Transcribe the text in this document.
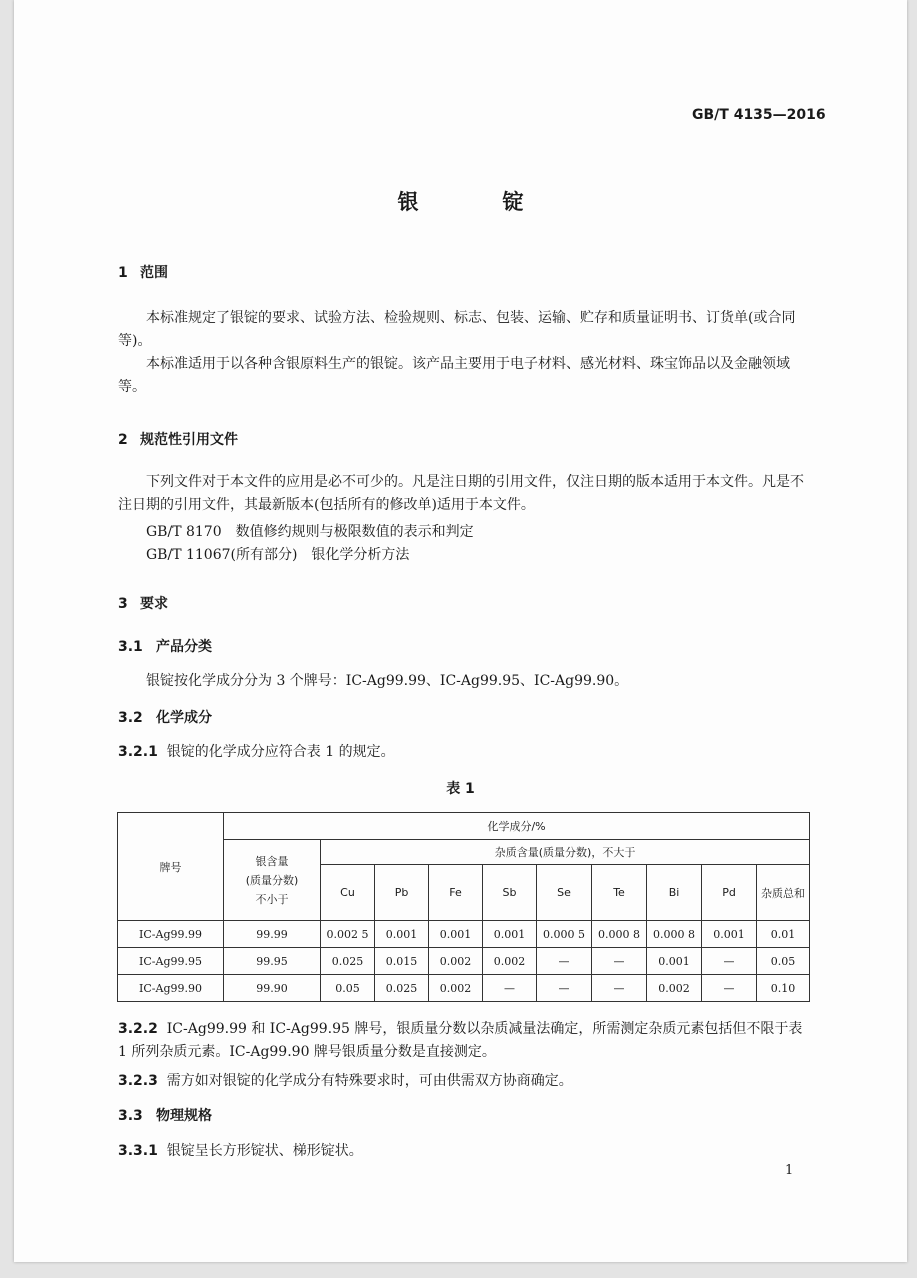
GB/T 4135—2016
银　　　　锭
1 范围
本标准规定了银锭的要求、试验方法、检验规则、标志、包装、运输、贮存和质量证明书、订货单(或合同等)。
本标准适用于以各种含银原料生产的银锭。该产品主要用于电子材料、感光材料、珠宝饰品以及金融领域等。
2 规范性引用文件
下列文件对于本文件的应用是必不可少的。凡是注日期的引用文件，仅注日期的版本适用于本文件。凡是不注日期的引用文件，其最新版本(包括所有的修改单)适用于本文件。
GB/T 8170　数值修约规则与极限数值的表示和判定
GB/T 11067(所有部分)　银化学分析方法
3 要求
3.1 产品分类
银锭按化学成分分为 3 个牌号：IC-Ag99.99、IC-Ag99.95、IC-Ag99.90。
3.2 化学成分
3.2.1 银锭的化学成分应符合表 1 的规定。
表 1
牌号	化学成分/%									

	银含量
(质量分数)
不小于	杂质含量(质量分数)，不大于								
		Cu	Pb	Fe	Sb	Se	Te	Bi	Pd	杂质总和
IC-Ag99.99	99.99	0.002 5	0.001	0.001	0.001	0.000 5	0.000 8	0.000 8	0.001	0.01
IC-Ag99.95	99.95	0.025	0.015	0.002	0.002	—	—	0.001	—	0.05
IC-Ag99.90	99.90	0.05	0.025	0.002	—	—	—	0.002	—	0.10
3.2.2 IC-Ag99.99 和 IC-Ag99.95 牌号，银质量分数以杂质减量法确定，所需测定杂质元素包括但不限于表 1 所列杂质元素。IC-Ag99.90 牌号银质量分数是直接测定。
3.2.3 需方如对银锭的化学成分有特殊要求时，可由供需双方协商确定。
3.3 物理规格
3.3.1 银锭呈长方形锭状、梯形锭状。
1
